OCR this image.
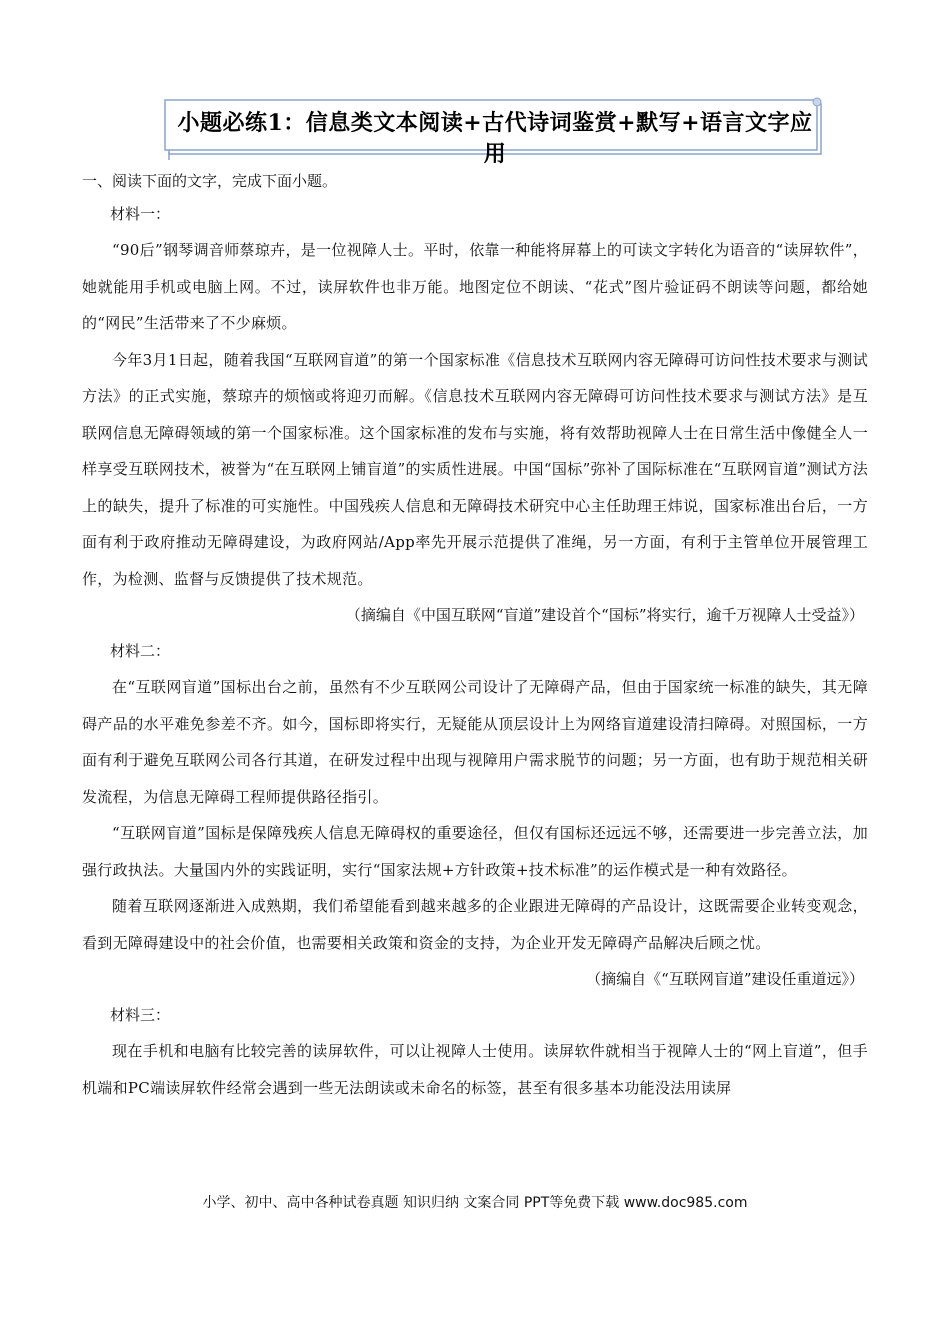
小题必练1：信息类文本阅读+古代诗词鉴赏+默写+语言文字应用

一、阅读下面的文字，完成下面小题。

材料一：

“90后”钢琴调音师蔡琼卉，是一位视障人士。平时，依靠一种能将屏幕上的可读文字转化为语音的“读屏软件”，她就能用手机或电脑上网。不过，读屏软件也非万能。地图定位不朗读、“花式”图片验证码不朗读等问题，都给她的“网民”生活带来了不少麻烦。

今年3月1日起，随着我国“互联网盲道”的第一个国家标准《信息技术互联网内容无障碍可访问性技术要求与测试方法》的正式实施，蔡琼卉的烦恼或将迎刃而解。《信息技术互联网内容无障碍可访问性技术要求与测试方法》是互联网信息无障碍领域的第一个国家标准。这个国家标准的发布与实施，将有效帮助视障人士在日常生活中像健全人一样享受互联网技术，被誉为“在互联网上铺盲道”的实质性进展。中国“国标”弥补了国际标准在“互联网盲道”测试方法上的缺失，提升了标准的可实施性。中国残疾人信息和无障碍技术研究中心主任助理王炜说，国家标准出台后，一方面有利于政府推动无障碍建设，为政府网站/App率先开展示范提供了准绳，另一方面，有利于主管单位开展管理工作，为检测、监督与反馈提供了技术规范。

（摘编自《中国互联网“盲道”建设首个“国标”将实行，逾千万视障人士受益》）

材料二：

在“互联网盲道”国标出台之前，虽然有不少互联网公司设计了无障碍产品，但由于国家统一标准的缺失，其无障碍产品的水平难免参差不齐。如今，国标即将实行，无疑能从顶层设计上为网络盲道建设清扫障碍。对照国标，一方面有利于避免互联网公司各行其道，在研发过程中出现与视障用户需求脱节的问题；另一方面，也有助于规范相关研发流程，为信息无障碍工程师提供路径指引。

“互联网盲道”国标是保障残疾人信息无障碍权的重要途径，但仅有国标还远远不够，还需要进一步完善立法，加强行政执法。大量国内外的实践证明，实行“国家法规+方针政策+技术标准”的运作模式是一种有效路径。

随着互联网逐渐进入成熟期，我们希望能看到越来越多的企业跟进无障碍的产品设计，这既需要企业转变观念，看到无障碍建设中的社会价值，也需要相关政策和资金的支持，为企业开发无障碍产品解决后顾之忧。

（摘编自《“互联网盲道”建设任重道远》）

材料三：

现在手机和电脑有比较完善的读屏软件，可以让视障人士使用。读屏软件就相当于视障人士的“网上盲道”，但手机端和PC端读屏软件经常会遇到一些无法朗读或未命名的标签，甚至有很多基本功能没法用读屏

小学、初中、高中各种试卷真题 知识归纳 文案合同 PPT等免费下载 www.doc985.com
